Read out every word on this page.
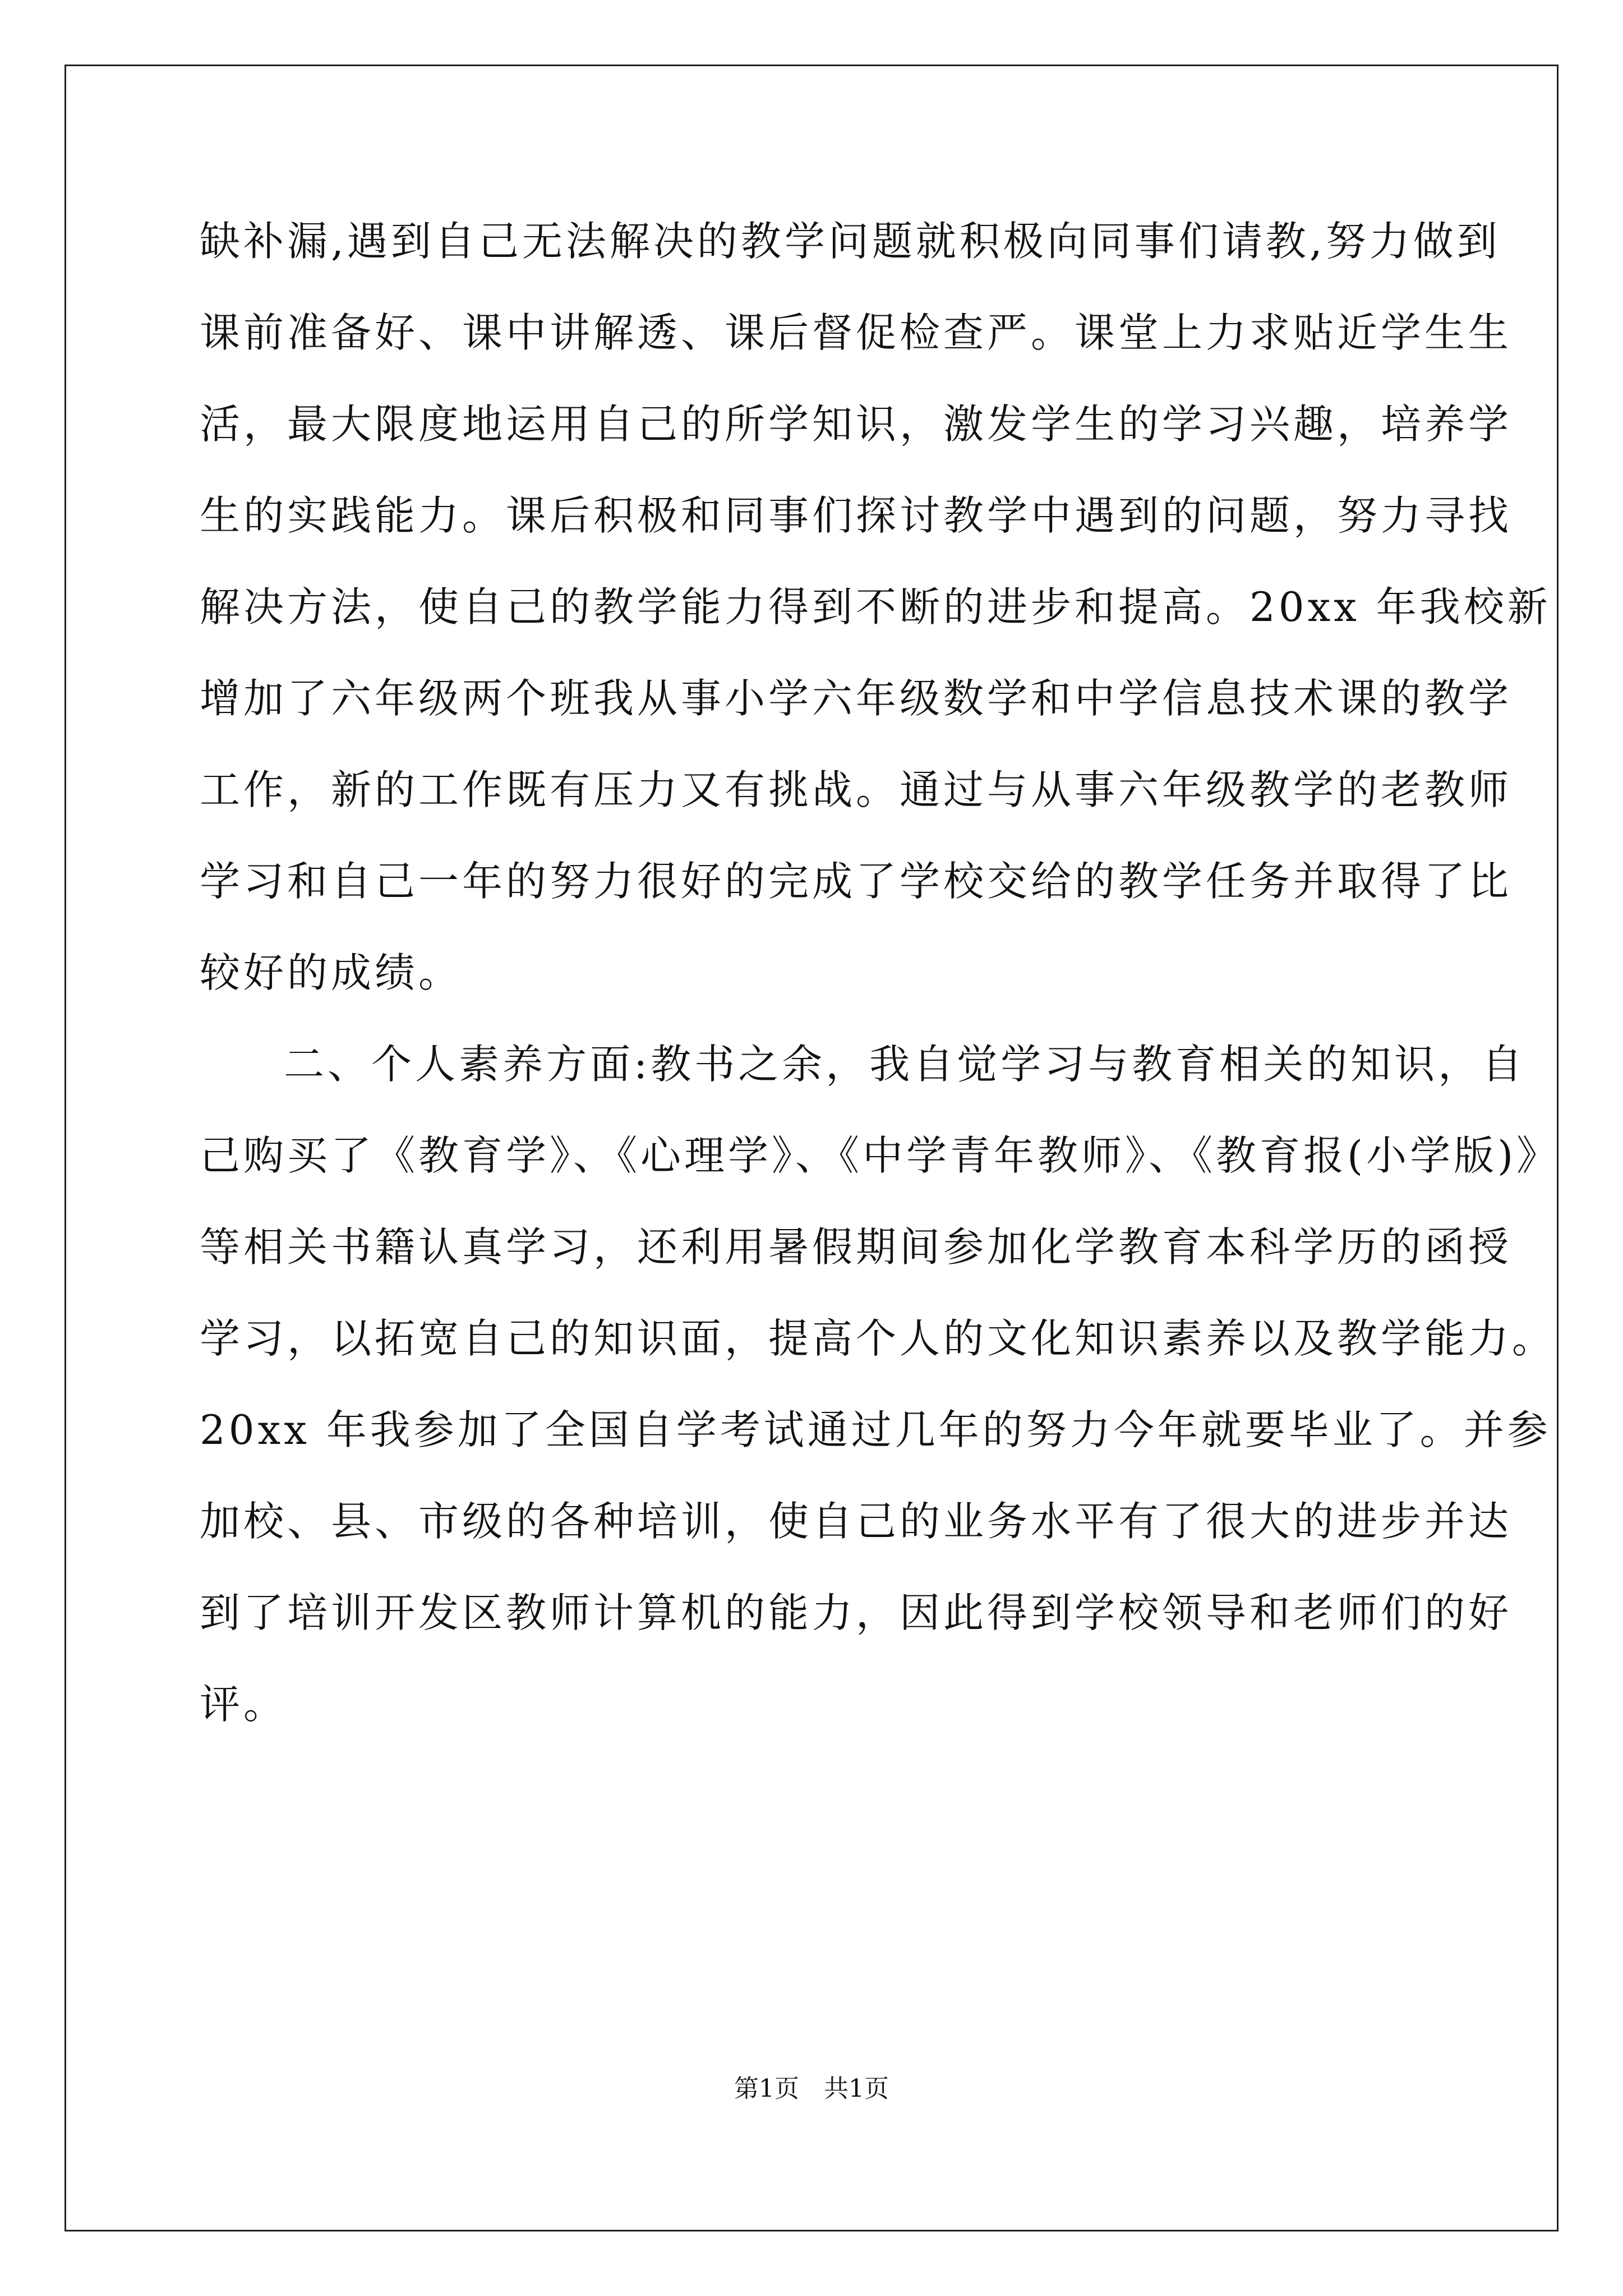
缺补漏,遇到自己无法解决的教学问题就积极向同事们请教,努力做到
课前准备好、课中讲解透、课后督促检查严。课堂上力求贴近学生生
活，最大限度地运用自己的所学知识，激发学生的学习兴趣，培养学
生的实践能力。课后积极和同事们探讨教学中遇到的问题，努力寻找
解决方法，使自己的教学能力得到不断的进步和提高。20xx 年我校新
增加了六年级两个班我从事小学六年级数学和中学信息技术课的教学
工作，新的工作既有压力又有挑战。通过与从事六年级教学的老教师
学习和自己一年的努力很好的完成了学校交给的教学任务并取得了比
较好的成绩。
二、个人素养方面:教书之余，我自觉学习与教育相关的知识，自
己购买了《教育学》、《心理学》、《中学青年教师》、《教育报(小学版)》
等相关书籍认真学习，还利用暑假期间参加化学教育本科学历的函授
学习，以拓宽自己的知识面，提高个人的文化知识素养以及教学能力。
20xx 年我参加了全国自学考试通过几年的努力今年就要毕业了。并参
加校、县、市级的各种培训，使自己的业务水平有了很大的进步并达
到了培训开发区教师计算机的能力，因此得到学校领导和老师们的好
评。
第1页 共1页
